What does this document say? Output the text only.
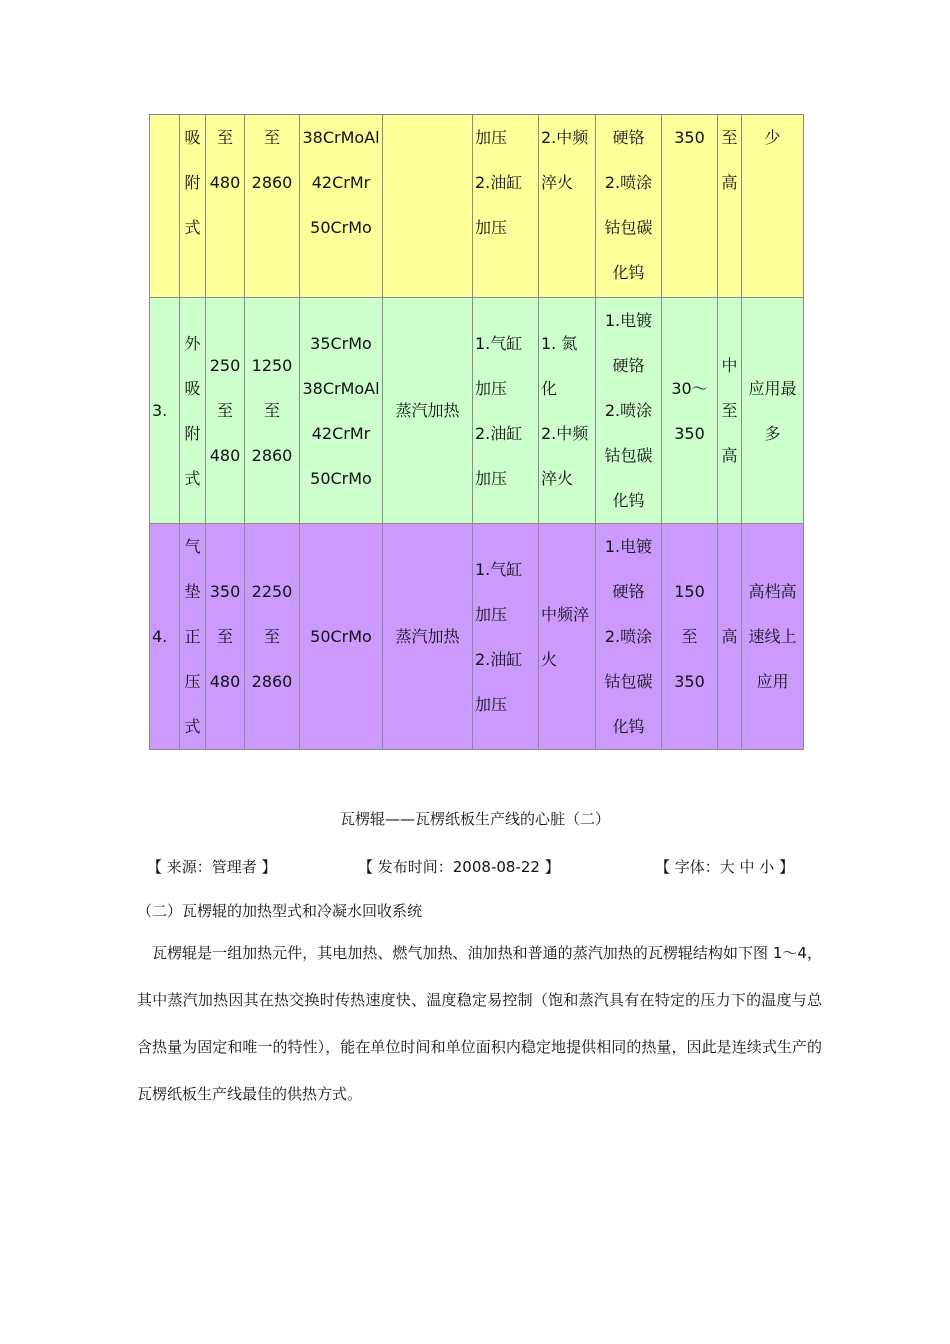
	吸
附
式	至
480	至
2860	38CrMoAl
42CrMr
50CrMo		加压
2.油缸
加压	2.中频
淬火	硬铬
2.喷涂
钴包碳
化钨	350	至
高	少
3.	外
吸
附
式	250
至
480	1250
至
2860	35CrMo
38CrMoAl
42CrMr
50CrMo	蒸汽加热	1.气缸
加压
2.油缸
加压	1. 氮化
2.中频
淬火	1.电镀
硬铬
2.喷涂
钴包碳
化钨	30～
350	中
至
高	应用最
多
4.	气
垫
正
压
式	350
至
480	2250
至
2860	50CrMo	蒸汽加热	1.气缸
加压
2.油缸
加压	中频淬
火	1.电镀
硬铬
2.喷涂
钴包碳
化钨	150 至
350	高	高档高
速线上
应用
瓦楞辊——瓦楞纸板生产线的心脏（二）
【 来源：管理者 】	【 发布时间：2008-08-22 】	【 字体：大 中 小 】
（二）瓦楞辊的加热型式和冷凝水回收系统
瓦楞辊是一组加热元件，其电加热、燃气加热、油加热和普通的蒸汽加热的瓦楞辊结构如下图 1～4，其中蒸汽加热因其在热交换时传热速度快、温度稳定易控制（饱和蒸汽具有在特定的压力下的温度与总含热量为固定和唯一的特性），能在单位时间和单位面积内稳定地提供相同的热量，因此是连续式生产的瓦楞纸板生产线最佳的供热方式。
